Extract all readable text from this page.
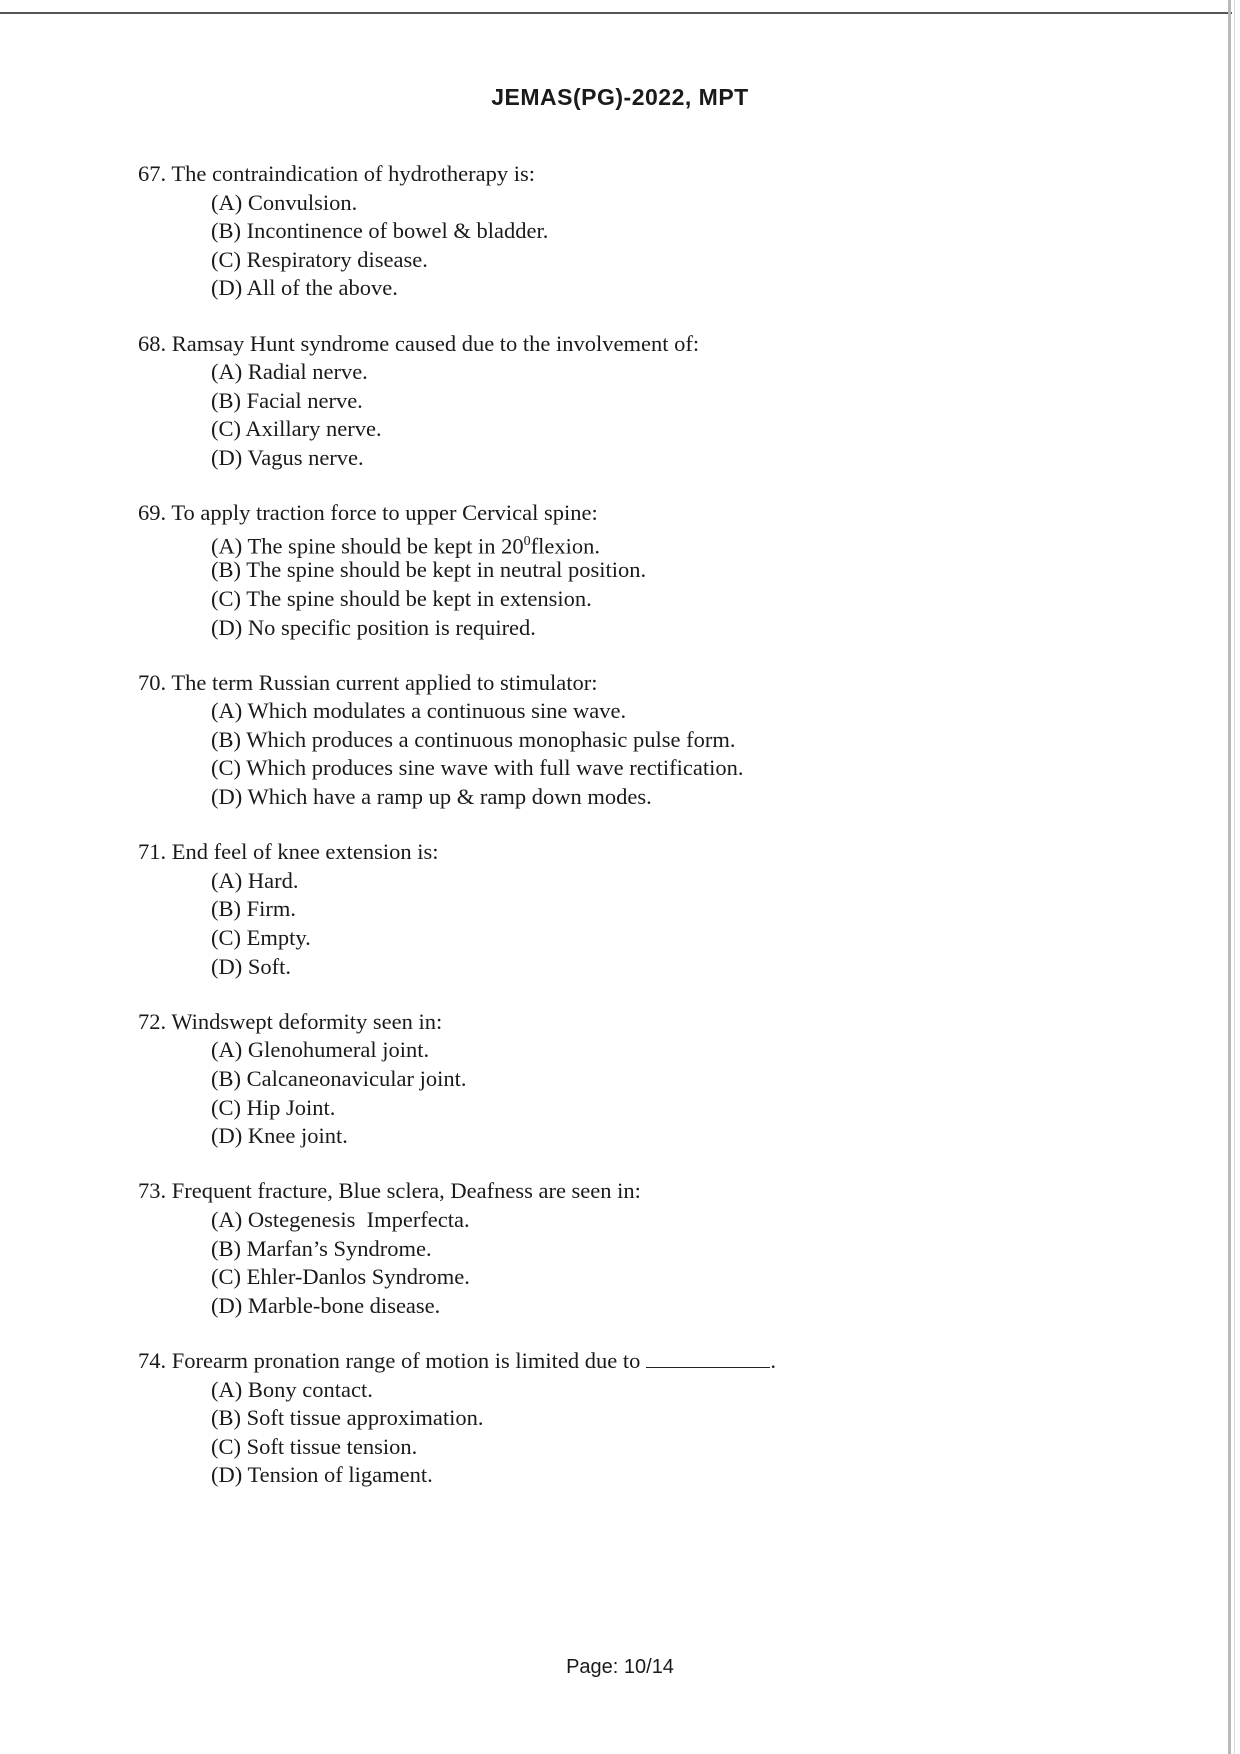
JEMAS(PG)-2022, MPT
67. The contraindication of hydrotherapy is:
(A) Convulsion.
(B) Incontinence of bowel & bladder.
(C) Respiratory disease.
(D) All of the above.
68. Ramsay Hunt syndrome caused due to the involvement of:
(A) Radial nerve.
(B) Facial nerve.
(C) Axillary nerve.
(D) Vagus nerve.
69. To apply traction force to upper Cervical spine:
(A) The spine should be kept in $20^0flexion$.
(B) The spine should be kept in neutral position.
(C) The spine should be kept in extension.
(D) No specific position is required.
70. The term Russian current applied to stimulator:
(A) Which modulates a continuous sine wave.
(B) Which produces a continuous monophasic pulse form.
(C) Which produces sine wave with full wave rectification.
(D) Which have a ramp up & ramp down modes.
71. End feel of knee extension is:
(A) Hard.
(B) Firm.
(C) Empty.
(D) Soft.
72. Windswept deformity seen in:
(A) Glenohumeral joint.
(B) Calcaneonavicular joint.
(C) Hip Joint.
(D) Knee joint.
73. Frequent fracture, Blue sclera, Deafness are seen in:
(A) Ostegenesis  Imperfecta.
(B) Marfan’s Syndrome.
(C) Ehler-Danlos Syndrome.
(D) Marble-bone disease.
74. Forearm pronation range of motion is limited due to	.
(A) Bony contact.
(B) Soft tissue approximation.
(C) Soft tissue tension.
(D) Tension of ligament.
Page: 10/14
